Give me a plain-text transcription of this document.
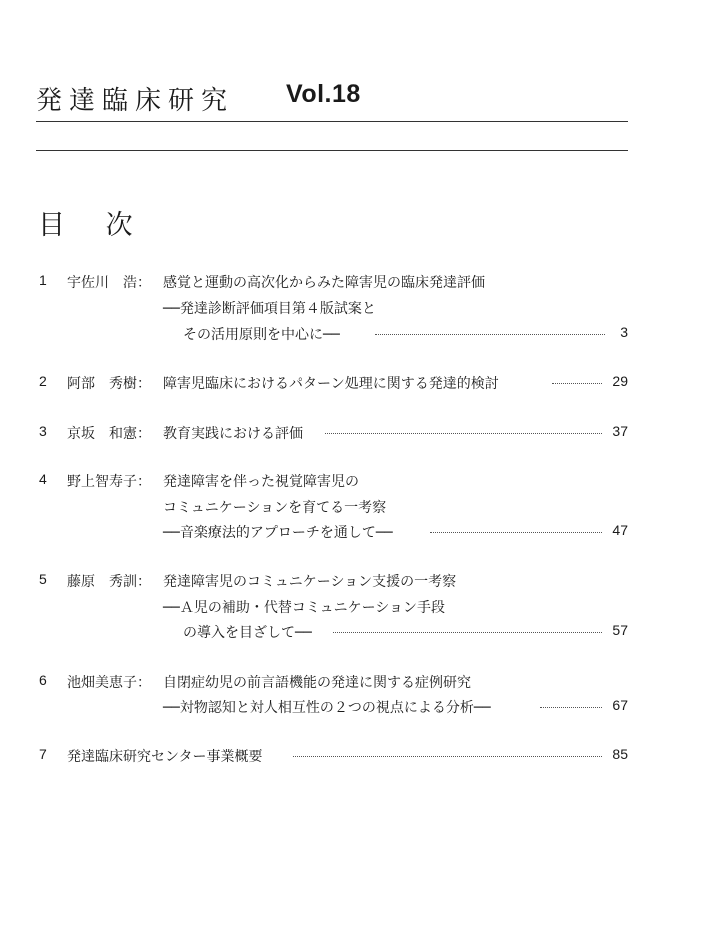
発達臨床研究 Vol.18
目 次
1 宇佐川　浩： 感覚と運動の高次化からみた障害児の臨床発達評価
──発達診断評価項目第４版試案と
その活用原則を中心に──	3
2 阿部　秀樹： 障害児臨床におけるパターン処理に関する発達的検討	29
3 京坂　和憲： 教育実践における評価	37
4 野上智寿子： 発達障害を伴った視覚障害児の
コミュニケーションを育てる一考察
──音楽療法的アプローチを通して──	47
5 藤原　秀訓： 発達障害児のコミュニケーション支援の一考察
──Ａ児の補助・代替コミュニケーション手段
の導入を目ざして──	57
6 池畑美恵子： 自閉症幼児の前言語機能の発達に関する症例研究
──対物認知と対人相互性の２つの視点による分析──	67
7 発達臨床研究センター事業概要	85
